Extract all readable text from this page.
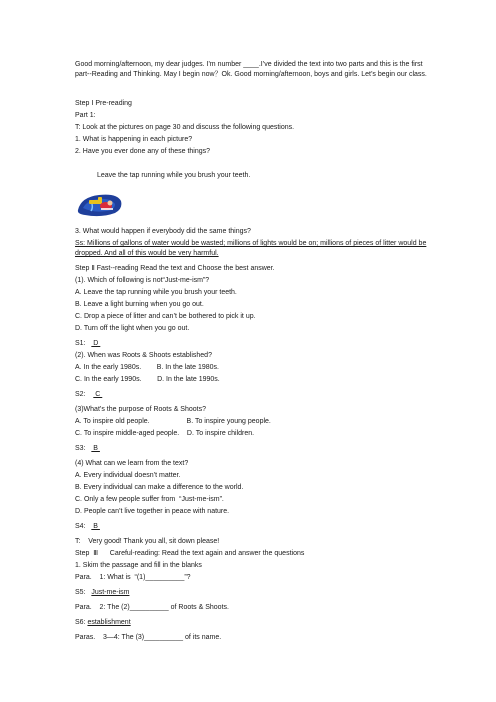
Good morning/afternoon, my dear judges. I'm number ____.I’ve divided the text into two parts and this is the first part--Reading and Thinking. May I begin now？Ok. Good morning/afternoon, boys and girls. Let’s begin our class.
Step Ⅰ Pre-reading
Part 1:
T: Look at the pictures on page 30 and discuss the following questions.
1. What is happening in each picture?
2. Have you ever done any of these things?
Leave the tap running while you brush your teeth.
3. What would happen if everybody did the same things?
Ss: Millions of gallons of water would be wasted; millions of lights would be on; millions of pieces of litter would be dropped. And all of this would be very harmful.
Step Ⅱ Fast--reading Read the text and Choose the best answer.
(1). Which of following is not“Just-me-ism”?
A. Leave the tap running while you brush your teeth.
B. Leave a light burning when you go out.
C. Drop a piece of litter and can’t be bothered to pick it up.
D. Turn off the light when you go out.
S1:    D
(2). When was Roots & Shoots established?
A. In the early 1980s.        B. In the late 1980s.
C. In the early 1990s.        D. In the late 1990s.
S2:     C
(3)What’s the purpose of Roots & Shoots?
A. To inspire old people.                   B. To inspire young people.
C. To inspire middle-aged people.    D. To inspire children.
S3:    B
(4) What can we learn from the text?
A. Every individual doesn’t matter.
B. Every individual can make a difference to the world.
C. Only a few people suffer from  “Just-me-ism”.
D. People can’t live together in peace with nature.
S4:    B
T:    Very good! Thank you all, sit down please!
Step  Ⅲ      Careful-reading: Read the text again and answer the questions
1. Skim the passage and fill in the blanks
Para.    1: What is  “(1)__________”?
S5:   Just-me-ism
Para.    2: The (2)__________ of Roots & Shoots.
S6: establishment
Paras.    3—4: The (3)__________ of its name.
